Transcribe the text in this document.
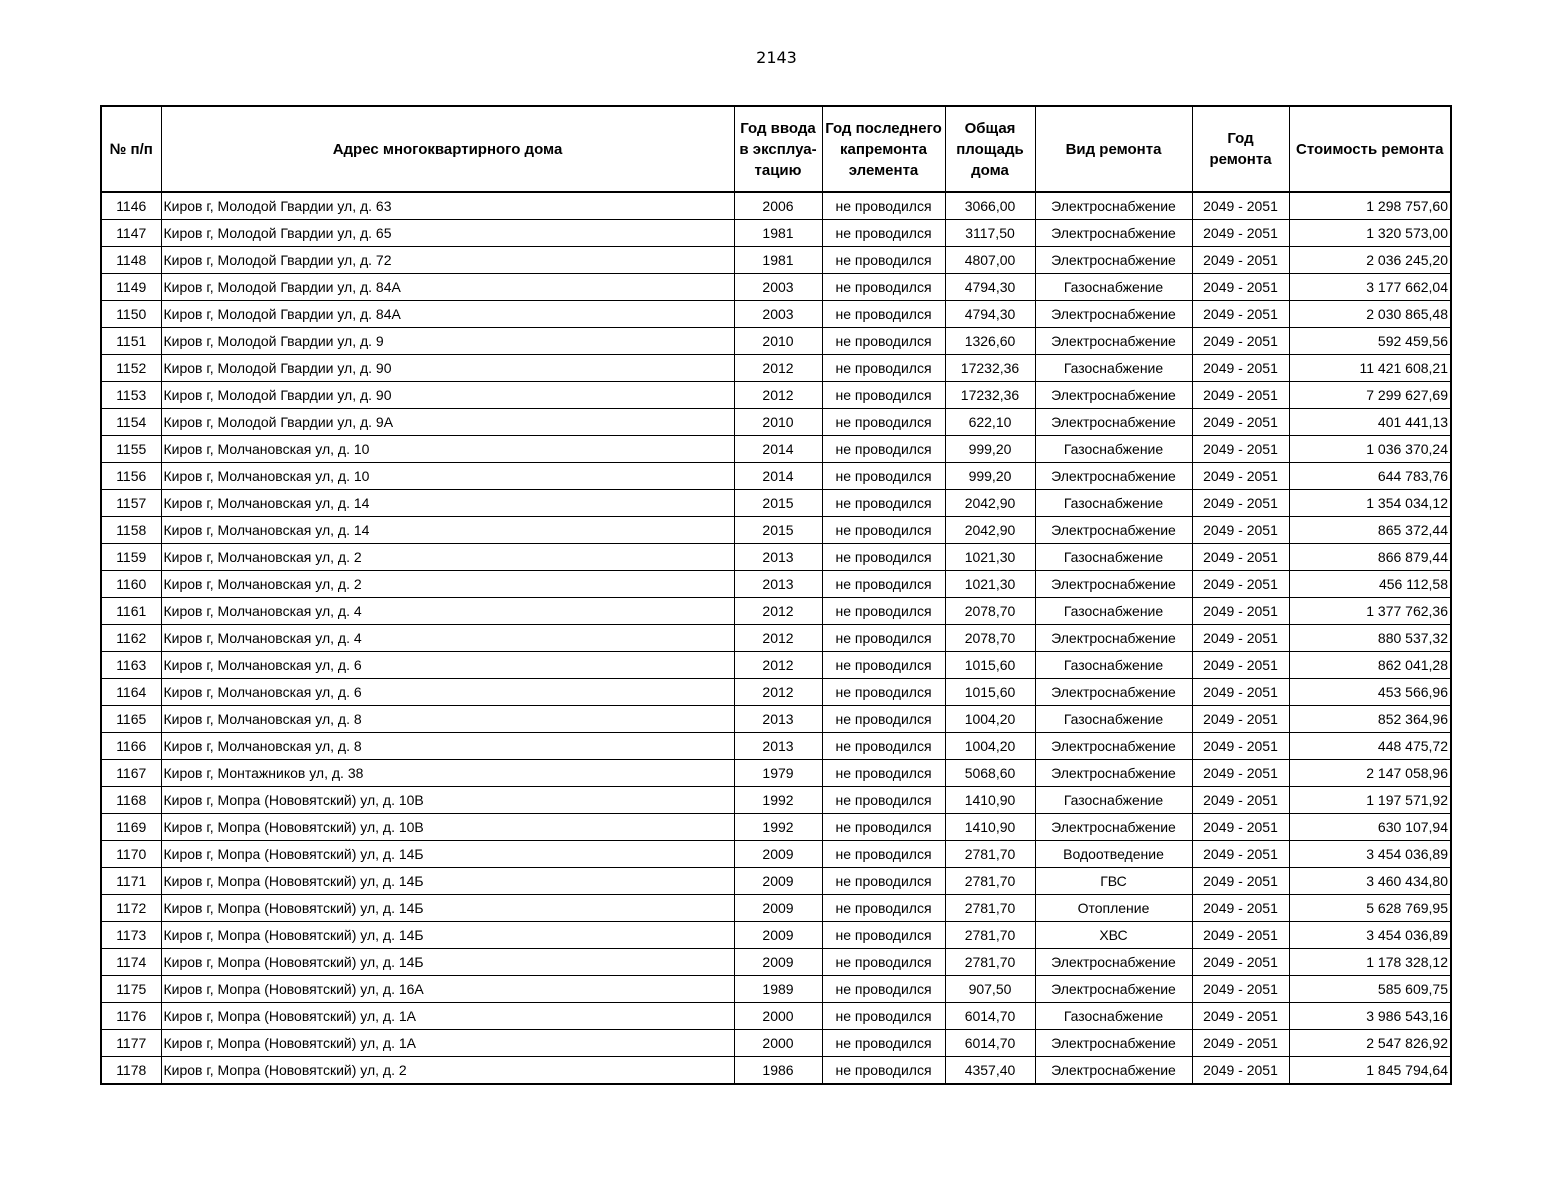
2143
№ п/п	Адрес многоквартирного дома	Год ввода в эксплуа-тацию	Год последнего капремонта элемента	Общая площадь дома	Вид ремонта	Год ремонта	Стоимость ремонта
1146	Киров г, Молодой Гвардии ул, д. 63	2006	не проводился	3066,00	Электроснабжение	2049 - 2051	1 298 757,60
1147	Киров г, Молодой Гвардии ул, д. 65	1981	не проводился	3117,50	Электроснабжение	2049 - 2051	1 320 573,00
1148	Киров г, Молодой Гвардии ул, д. 72	1981	не проводился	4807,00	Электроснабжение	2049 - 2051	2 036 245,20
1149	Киров г, Молодой Гвардии ул, д. 84А	2003	не проводился	4794,30	Газоснабжение	2049 - 2051	3 177 662,04
1150	Киров г, Молодой Гвардии ул, д. 84А	2003	не проводился	4794,30	Электроснабжение	2049 - 2051	2 030 865,48
1151	Киров г, Молодой Гвардии ул, д. 9	2010	не проводился	1326,60	Электроснабжение	2049 - 2051	592 459,56
1152	Киров г, Молодой Гвардии ул, д. 90	2012	не проводился	17232,36	Газоснабжение	2049 - 2051	11 421 608,21
1153	Киров г, Молодой Гвардии ул, д. 90	2012	не проводился	17232,36	Электроснабжение	2049 - 2051	7 299 627,69
1154	Киров г, Молодой Гвардии ул, д. 9А	2010	не проводился	622,10	Электроснабжение	2049 - 2051	401 441,13
1155	Киров г, Молчановская ул, д. 10	2014	не проводился	999,20	Газоснабжение	2049 - 2051	1 036 370,24
1156	Киров г, Молчановская ул, д. 10	2014	не проводился	999,20	Электроснабжение	2049 - 2051	644 783,76
1157	Киров г, Молчановская ул, д. 14	2015	не проводился	2042,90	Газоснабжение	2049 - 2051	1 354 034,12
1158	Киров г, Молчановская ул, д. 14	2015	не проводился	2042,90	Электроснабжение	2049 - 2051	865 372,44
1159	Киров г, Молчановская ул, д. 2	2013	не проводился	1021,30	Газоснабжение	2049 - 2051	866 879,44
1160	Киров г, Молчановская ул, д. 2	2013	не проводился	1021,30	Электроснабжение	2049 - 2051	456 112,58
1161	Киров г, Молчановская ул, д. 4	2012	не проводился	2078,70	Газоснабжение	2049 - 2051	1 377 762,36
1162	Киров г, Молчановская ул, д. 4	2012	не проводился	2078,70	Электроснабжение	2049 - 2051	880 537,32
1163	Киров г, Молчановская ул, д. 6	2012	не проводился	1015,60	Газоснабжение	2049 - 2051	862 041,28
1164	Киров г, Молчановская ул, д. 6	2012	не проводился	1015,60	Электроснабжение	2049 - 2051	453 566,96
1165	Киров г, Молчановская ул, д. 8	2013	не проводился	1004,20	Газоснабжение	2049 - 2051	852 364,96
1166	Киров г, Молчановская ул, д. 8	2013	не проводился	1004,20	Электроснабжение	2049 - 2051	448 475,72
1167	Киров г, Монтажников ул, д. 38	1979	не проводился	5068,60	Электроснабжение	2049 - 2051	2 147 058,96
1168	Киров г, Мопра (Нововятский) ул, д. 10В	1992	не проводился	1410,90	Газоснабжение	2049 - 2051	1 197 571,92
1169	Киров г, Мопра (Нововятский) ул, д. 10В	1992	не проводился	1410,90	Электроснабжение	2049 - 2051	630 107,94
1170	Киров г, Мопра (Нововятский) ул, д. 14Б	2009	не проводился	2781,70	Водоотведение	2049 - 2051	3 454 036,89
1171	Киров г, Мопра (Нововятский) ул, д. 14Б	2009	не проводился	2781,70	ГВС	2049 - 2051	3 460 434,80
1172	Киров г, Мопра (Нововятский) ул, д. 14Б	2009	не проводился	2781,70	Отопление	2049 - 2051	5 628 769,95
1173	Киров г, Мопра (Нововятский) ул, д. 14Б	2009	не проводился	2781,70	ХВС	2049 - 2051	3 454 036,89
1174	Киров г, Мопра (Нововятский) ул, д. 14Б	2009	не проводился	2781,70	Электроснабжение	2049 - 2051	1 178 328,12
1175	Киров г, Мопра (Нововятский) ул, д. 16А	1989	не проводился	907,50	Электроснабжение	2049 - 2051	585 609,75
1176	Киров г, Мопра (Нововятский) ул, д. 1А	2000	не проводился	6014,70	Газоснабжение	2049 - 2051	3 986 543,16
1177	Киров г, Мопра (Нововятский) ул, д. 1А	2000	не проводился	6014,70	Электроснабжение	2049 - 2051	2 547 826,92
1178	Киров г, Мопра (Нововятский) ул, д. 2	1986	не проводился	4357,40	Электроснабжение	2049 - 2051	1 845 794,64
